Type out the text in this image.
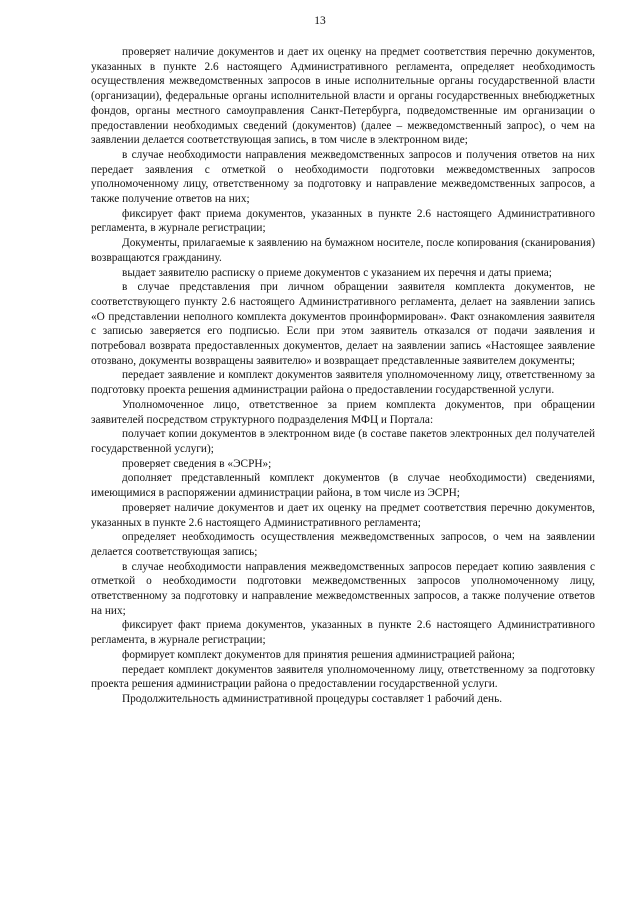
13

проверяет наличие документов и дает их оценку на предмет соответствия перечню документов, указанных в пункте 2.6 настоящего Административного регламента, определяет необходимость осуществления межведомственных запросов в иные исполнительные органы государственной власти (организации), федеральные органы исполнительной власти и органы государственных внебюджетных фондов, органы местного самоуправления Санкт-Петербурга, подведомственные им организации о предоставлении необходимых сведений (документов) (далее – межведомственный запрос), о чем на заявлении делается соответствующая запись, в том числе в электронном виде;

в случае необходимости направления межведомственных запросов и получения ответов на них передает заявления с отметкой о необходимости подготовки межведомственных запросов уполномоченному лицу, ответственному за подготовку и направление межведомственных запросов, а также получение ответов на них;

фиксирует факт приема документов, указанных в пункте 2.6 настоящего Административного регламента, в журнале регистрации;

Документы, прилагаемые к заявлению на бумажном носителе, после копирования (сканирования) возвращаются гражданину.

выдает заявителю расписку о приеме документов с указанием их перечня и даты приема;

в случае представления при личном обращении заявителя комплекта документов, не соответствующего пункту 2.6 настоящего Административного регламента, делает на заявлении запись «О представлении неполного комплекта документов проинформирован». Факт ознакомления заявителя с записью заверяется его подписью. Если при этом заявитель отказался от подачи заявления и потребовал возврата предоставленных документов, делает на заявлении запись «Настоящее заявление отозвано, документы возвращены заявителю» и возвращает представленные заявителем документы;

передает заявление и комплект документов заявителя уполномоченному лицу, ответственному за подготовку проекта решения администрации района о предоставлении государственной услуги.

Уполномоченное лицо, ответственное за прием комплекта документов, при обращении заявителей посредством структурного подразделения МФЦ и Портала:

получает копии документов в электронном виде (в составе пакетов электронных дел получателей государственной услуги);

проверяет сведения в «ЭСРН»;

дополняет представленный комплект документов (в случае необходимости) сведениями, имеющимися в распоряжении администрации района, в том числе из ЭСРН;

проверяет наличие документов и дает их оценку на предмет соответствия перечню документов, указанных в пункте 2.6 настоящего Административного регламента;

определяет необходимость осуществления межведомственных запросов, о чем на заявлении делается соответствующая запись;

в случае необходимости направления межведомственных запросов передает копию заявления с отметкой о необходимости подготовки межведомственных запросов уполномоченному лицу, ответственному за подготовку и направление межведомственных запросов, а также получение ответов на них;

фиксирует факт приема документов, указанных в пункте 2.6 настоящего Административного регламента, в журнале регистрации;

формирует комплект документов для принятия решения администрацией района;

передает комплект документов заявителя уполномоченному лицу, ответственному за подготовку проекта решения администрации района о предоставлении государственной услуги.

Продолжительность административной процедуры составляет 1 рабочий день.
